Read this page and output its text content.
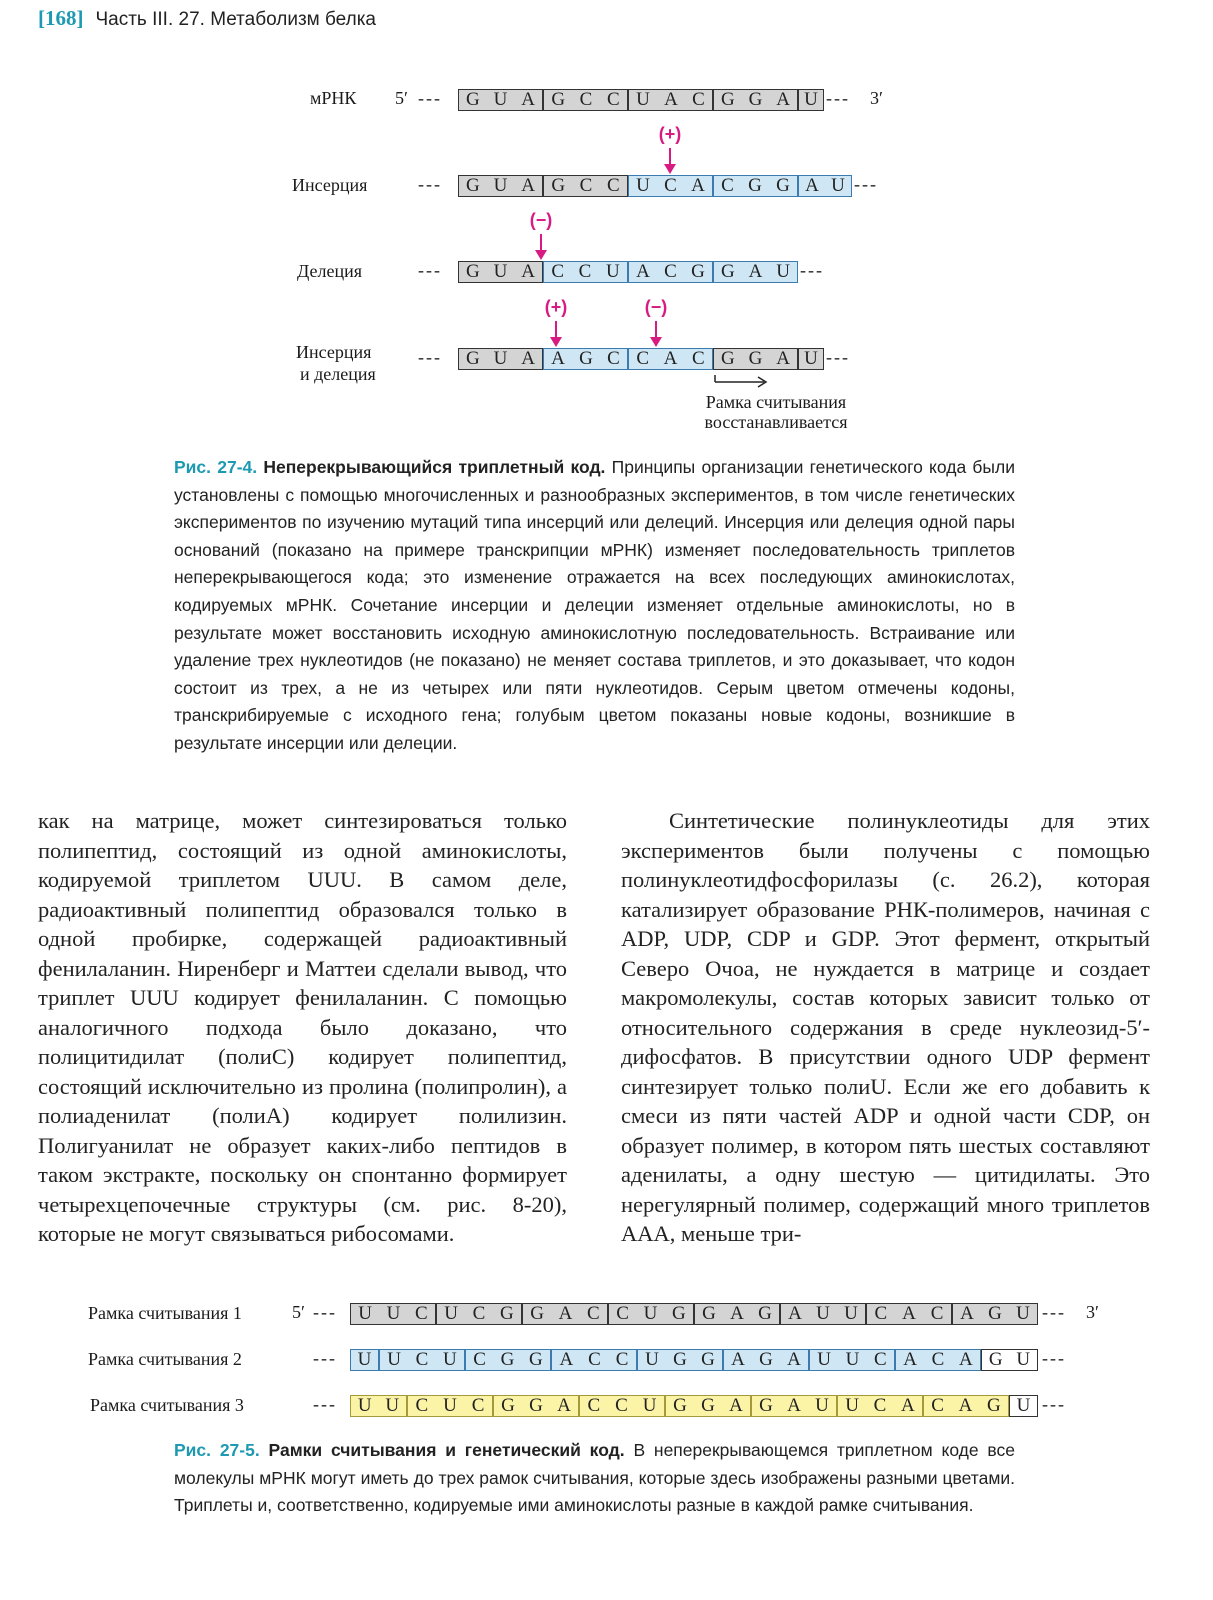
[168] Часть III. 27. Метаболизм белка
мРНК 5′ --- G U A G C C U A C G G A U --- 3′
(+)
Инсерция	--- G U A G C C U C A C G G A U ---
(−)
Делеция	--- G U A C C U A C G G A U ---
(+)	(−)
Инсерция
и делеция
--- G U A A G C C A C G G A U ---
Рамка считывания
восстанавливается
Рис. 27-4. Неперекрывающийся триплетный код. Принципы организации генетического кода были установлены с помощью многочисленных и разнообразных экспериментов, в том числе генетических экспериментов по изучению мутаций типа инсерций или делеций. Инсерция или делеция одной пары оснований (показано на примере транскрипции мРНК) изменяет последовательность триплетов неперекрывающегося кода; это изменение отражается на всех последующих аминокислотах, кодируемых мРНК. Сочетание инсерции и делеции изменяет отдельные аминокислоты, но в результате может восстановить исходную аминокислотную последовательность. Встраивание или удаление трех нуклеотидов (не показано) не меняет состава триплетов, и это доказывает, что кодон состоит из трех, а не из четырех или пяти нуклеотидов. Серым цветом отмечены кодоны, транскрибируемые с исходного гена; голубым цветом показаны новые кодоны, возникшие в результате инсерции или делеции.

как на матрице, может синтезироваться только полипептид, состоящий из одной аминокислоты, кодируемой триплетом UUU. В самом деле, радиоактивный полипептид образовался только в одной пробирке, содержащей радиоактивный фенилаланин. Ниренберг и Маттеи сделали вывод, что триплет UUU кодирует фенилаланин. С помощью аналогичного подхода было доказано, что полицитидилат (полиC) кодирует полипептид, состоящий исключительно из пролина (полипролин), а полиаденилат (полиA) кодирует полилизин. Полигуанилат не образует каких-либо пептидов в таком экстракте, поскольку он спонтанно формирует четырехцепочечные структуры (см. рис. 8-20), которые не могут связываться рибосомами.

Синтетические полинуклеотиды для этих экспериментов были получены с помощью полинуклеотидфосфорилазы (с. 26.2), которая катализирует образование РНК-полимеров, начиная с ADP, UDP, CDP и GDP. Этот фермент, открытый Северо Очоа, не нуждается в матрице и создает макромолекулы, состав которых зависит только от относительного содержания в среде нуклеозид-5′-дифосфатов. В присутствии одного UDP фермент синтезирует только полиU. Если же его добавить к смеси из пяти частей ADP и одной части CDP, он образует полимер, в котором пять шестых составляют аденилаты, а одну шестую — цитидилаты. Это нерегулярный полимер, содержащий много триплетов AAA, меньше три-

Рамка считывания 1	5′ --- U U C U C G G A C C U G G A G A U U C A C A G U --- 3′
Рамка считывания 2	--- U U C U C G G A C C U G G A G A U U C A C A G U ---
Рамка считывания 3	--- U U C U C G G A C C U G G A G A U U C A C A G U ---
Рис. 27-5. Рамки считывания и генетический код. В неперекрывающемся триплетном коде все молекулы мРНК могут иметь до трех рамок считывания, которые здесь изображены разными цветами. Триплеты и, соответственно, кодируемые ими аминокислоты разные в каждой рамке считывания.
